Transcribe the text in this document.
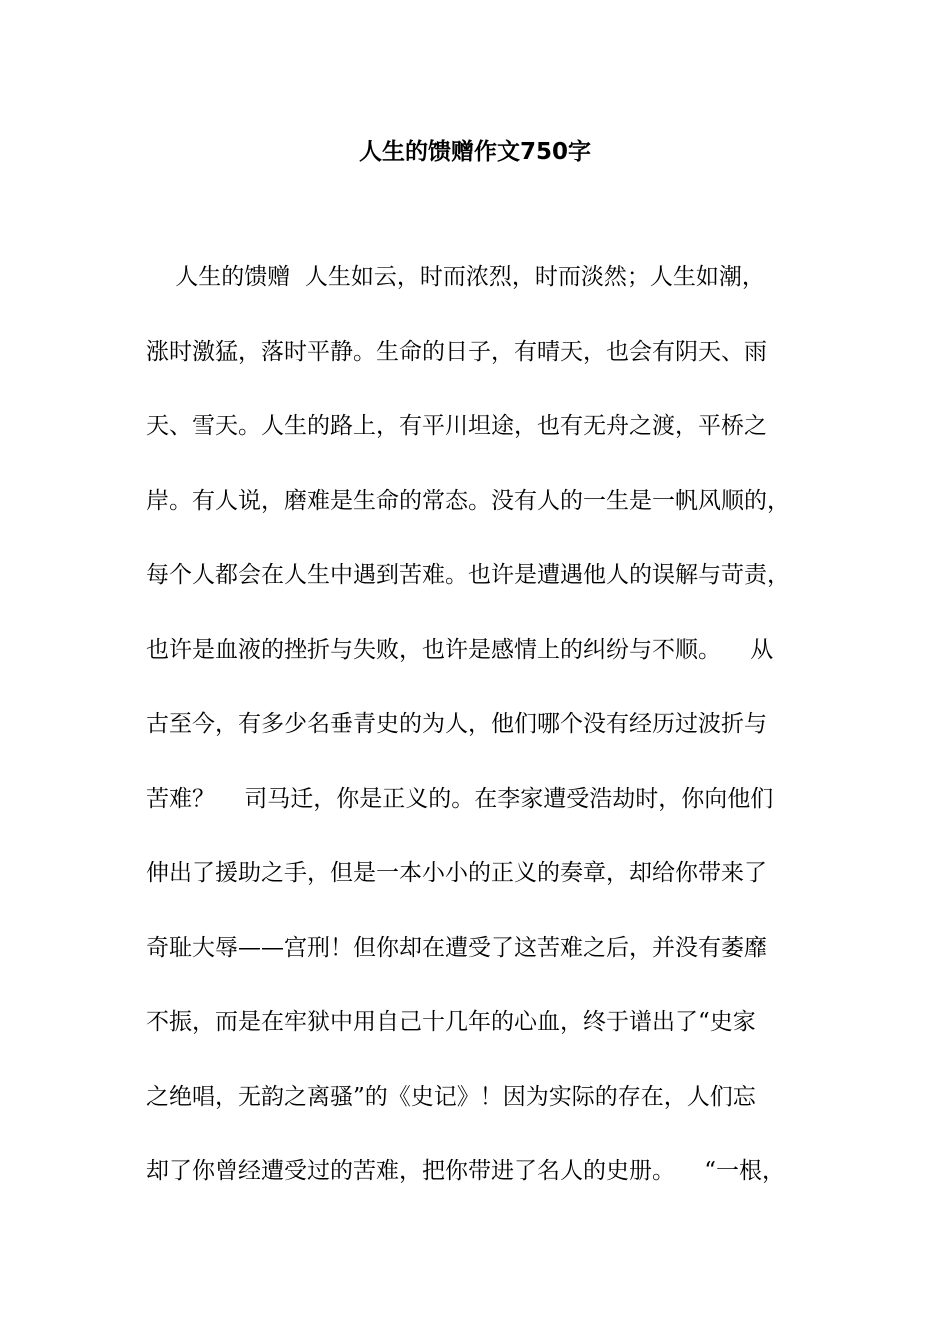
人生的馈赠作文750字
人生的馈赠  人生如云，时而浓烈，时而淡然；人生如潮，
涨时激猛，落时平静。生命的日子，有晴天，也会有阴天、雨
天、雪天。人生的路上，有平川坦途，也有无舟之渡，平桥之
岸。有人说，磨难是生命的常态。没有人的一生是一帆风顺的，
每个人都会在人生中遇到苦难。也许是遭遇他人的误解与苛责，
也许是血液的挫折与失败，也许是感情上的纠纷与不顺。    从
古至今，有多少名垂青史的为人，他们哪个没有经历过波折与
苦难？    司马迁，你是正义的。在李家遭受浩劫时，你向他们
伸出了援助之手，但是一本小小的正义的奏章，却给你带来了
奇耻大辱——宫刑！但你却在遭受了这苦难之后，并没有萎靡
不振，而是在牢狱中用自己十几年的心血，终于谱出了“史家
之绝唱，无韵之离骚”的《史记》！因为实际的存在，人们忘
却了你曾经遭受过的苦难，把你带进了名人的史册。    “一根，
